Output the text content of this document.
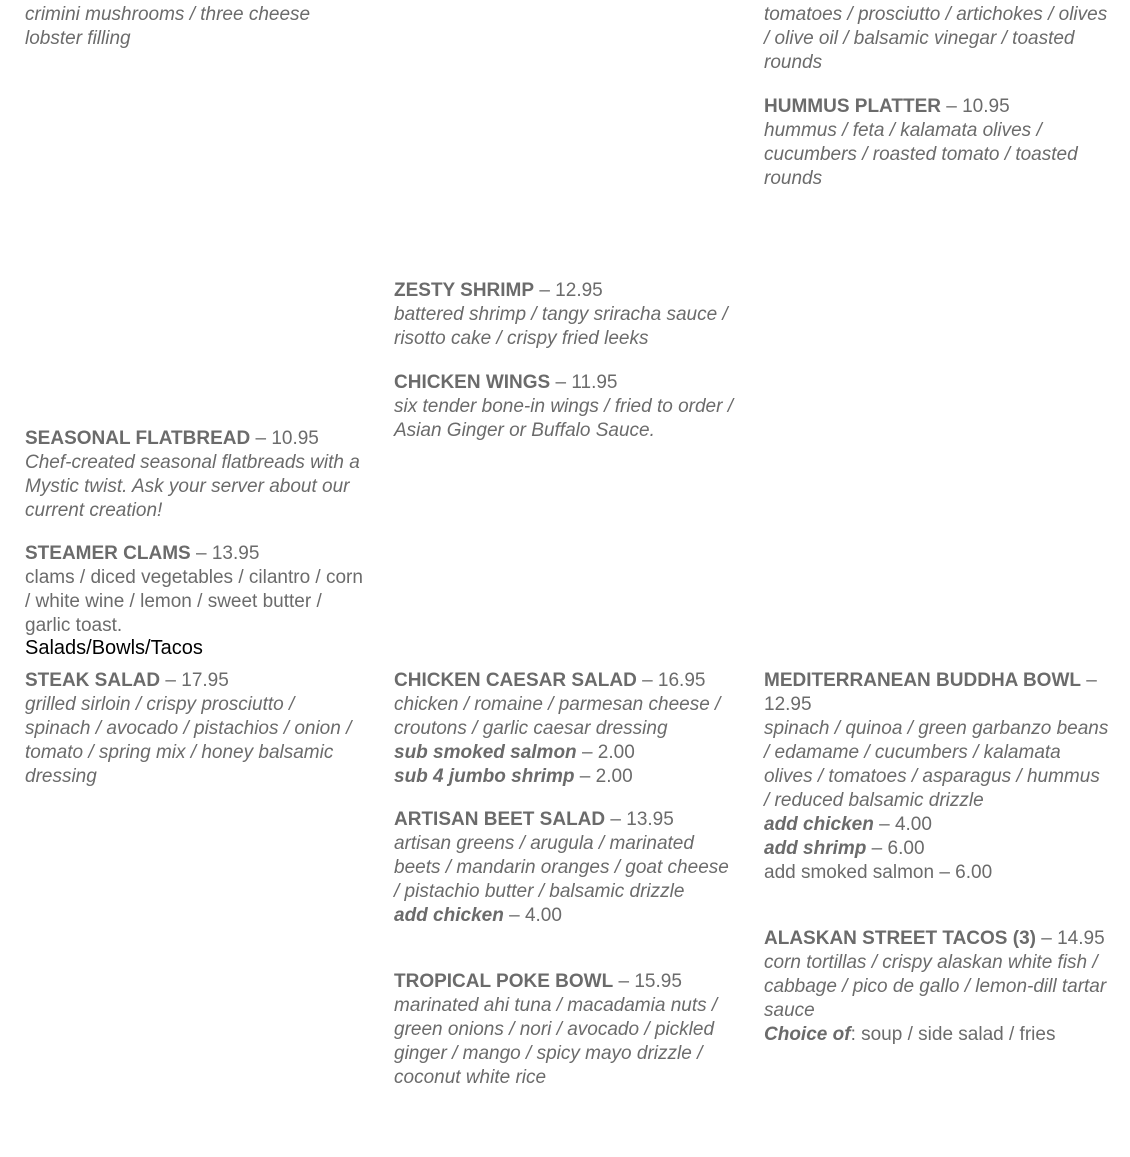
crimini mushrooms / three cheese lobster filling
tomatoes / prosciutto / artichokes / olives / olive oil / balsamic vinegar / toasted rounds
HUMMUS PLATTER – 10.95
hummus / feta / kalamata olives / cucumbers / roasted tomato / toasted rounds
ZESTY SHRIMP – 12.95
battered shrimp / tangy sriracha sauce / risotto cake / crispy fried leeks
CHICKEN WINGS – 11.95
six tender bone-in wings / fried to order / Asian Ginger or Buffalo Sauce.
SEASONAL FLATBREAD – 10.95
Chef-created seasonal flatbreads with a Mystic twist. Ask your server about our current creation!
STEAMER CLAMS – 13.95
clams / diced vegetables / cilantro / corn / white wine / lemon / sweet butter / garlic toast.
Salads/Bowls/Tacos
STEAK SALAD – 17.95
grilled sirloin / crispy prosciutto / spinach / avocado / pistachios / onion / tomato / spring mix / honey balsamic dressing
CHICKEN CAESAR SALAD – 16.95
chicken / romaine / parmesan cheese / croutons / garlic caesar dressing
sub smoked salmon – 2.00
sub 4 jumbo shrimp – 2.00
ARTISAN BEET SALAD – 13.95
artisan greens / arugula / marinated beets / mandarin oranges / goat cheese / pistachio butter / balsamic drizzle
add chicken – 4.00
TROPICAL POKE BOWL – 15.95
marinated ahi tuna / macadamia nuts / green onions / nori / avocado / pickled ginger / mango / spicy mayo drizzle / coconut white rice
MEDITERRANEAN BUDDHA BOWL – 12.95
spinach / quinoa / green garbanzo beans / edamame / cucumbers / kalamata olives / tomatoes / asparagus / hummus / reduced balsamic drizzle
add chicken – 4.00
add shrimp – 6.00
add smoked salmon – 6.00
ALASKAN STREET TACOS (3) – 14.95
corn tortillas / crispy alaskan white fish / cabbage / pico de gallo / lemon-dill tartar sauce
Choice of: soup / side salad / fries
